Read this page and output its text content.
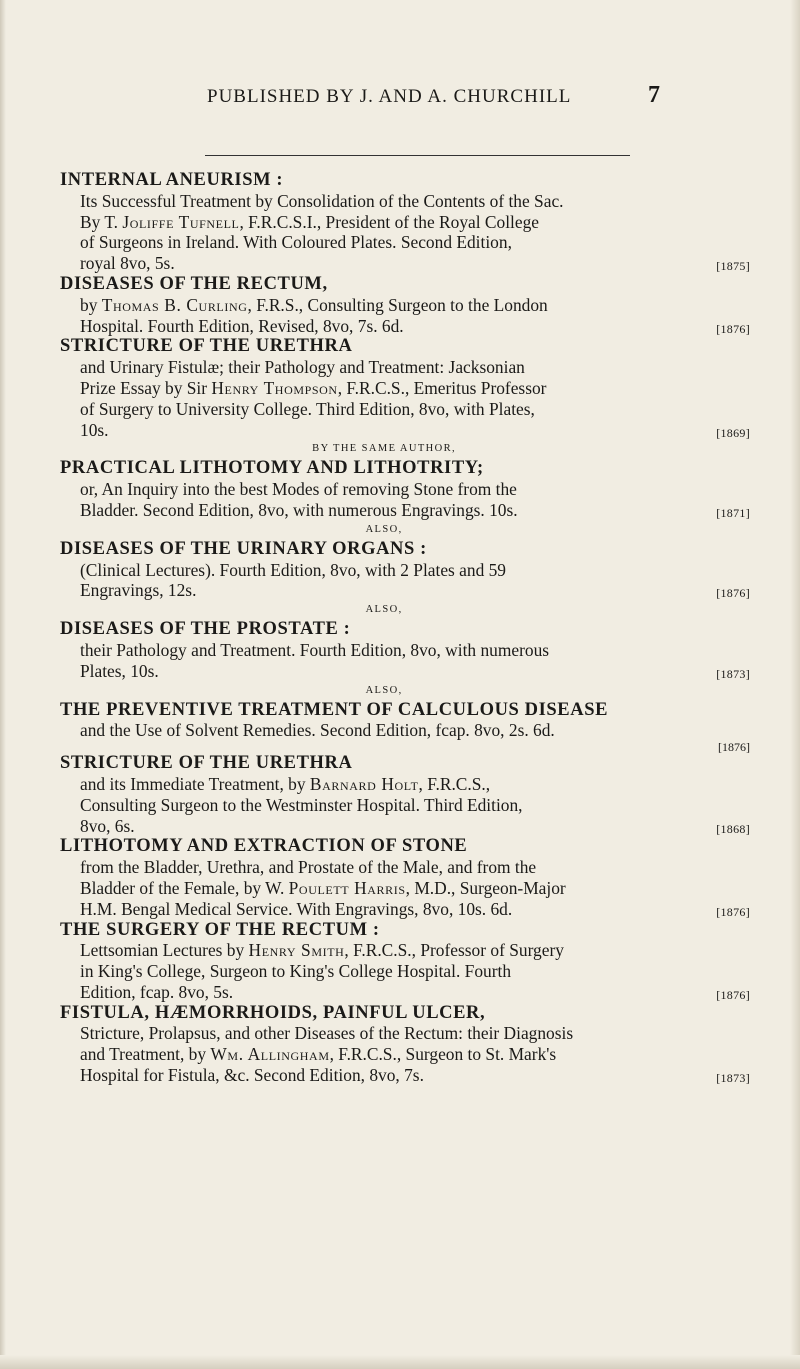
PUBLISHED BY J. AND A. CHURCHILL	7
INTERNAL ANEURISM :
Its Successful Treatment by Consolidation of the Contents of the Sac.
By T. Joliffe Tufnell, F.R.C.S.I., President of the Royal College
of Surgeons in Ireland. With Coloured Plates. Second Edition,
[1875]
royal 8vo, 5s.
DISEASES OF THE RECTUM,
by Thomas B. Curling, F.R.S., Consulting Surgeon to the London
[1876]
Hospital. Fourth Edition, Revised, 8vo, 7s. 6d.
STRICTURE OF THE URETHRA
and Urinary Fistulæ; their Pathology and Treatment: Jacksonian
Prize Essay by Sir Henry Thompson, F.R.C.S., Emeritus Professor
of Surgery to University College. Third Edition, 8vo, with Plates,
[1869]
10s.
BY THE SAME AUTHOR,
PRACTICAL LITHOTOMY AND LITHOTRITY;
or, An Inquiry into the best Modes of removing Stone from the
[1871]
Bladder. Second Edition, 8vo, with numerous Engravings. 10s.
ALSO,
DISEASES OF THE URINARY ORGANS :
(Clinical Lectures). Fourth Edition, 8vo, with 2 Plates and 59
[1876]
Engravings, 12s.
ALSO,
DISEASES OF THE PROSTATE :
their Pathology and Treatment. Fourth Edition, 8vo, with numerous
[1873]
Plates, 10s.
ALSO,
THE PREVENTIVE TREATMENT OF CALCULOUS DISEASE
and the Use of Solvent Remedies. Second Edition, fcap. 8vo, 2s. 6d.
[1876]
STRICTURE OF THE URETHRA
and its Immediate Treatment, by Barnard Holt, F.R.C.S.,
Consulting Surgeon to the Westminster Hospital. Third Edition,
[1868]
8vo, 6s.
LITHOTOMY AND EXTRACTION OF STONE
from the Bladder, Urethra, and Prostate of the Male, and from the
Bladder of the Female, by W. Poulett Harris, M.D., Surgeon-Major
[1876]
H.M. Bengal Medical Service. With Engravings, 8vo, 10s. 6d.
THE SURGERY OF THE RECTUM :
Lettsomian Lectures by Henry Smith, F.R.C.S., Professor of Surgery
in King's College, Surgeon to King's College Hospital. Fourth
[1876]
Edition, fcap. 8vo, 5s.
FISTULA, HÆMORRHOIDS, PAINFUL ULCER,
Stricture, Prolapsus, and other Diseases of the Rectum: their Diagnosis
and Treatment, by Wm. Allingham, F.R.C.S., Surgeon to St. Mark's
[1873]
Hospital for Fistula, &c. Second Edition, 8vo, 7s.
